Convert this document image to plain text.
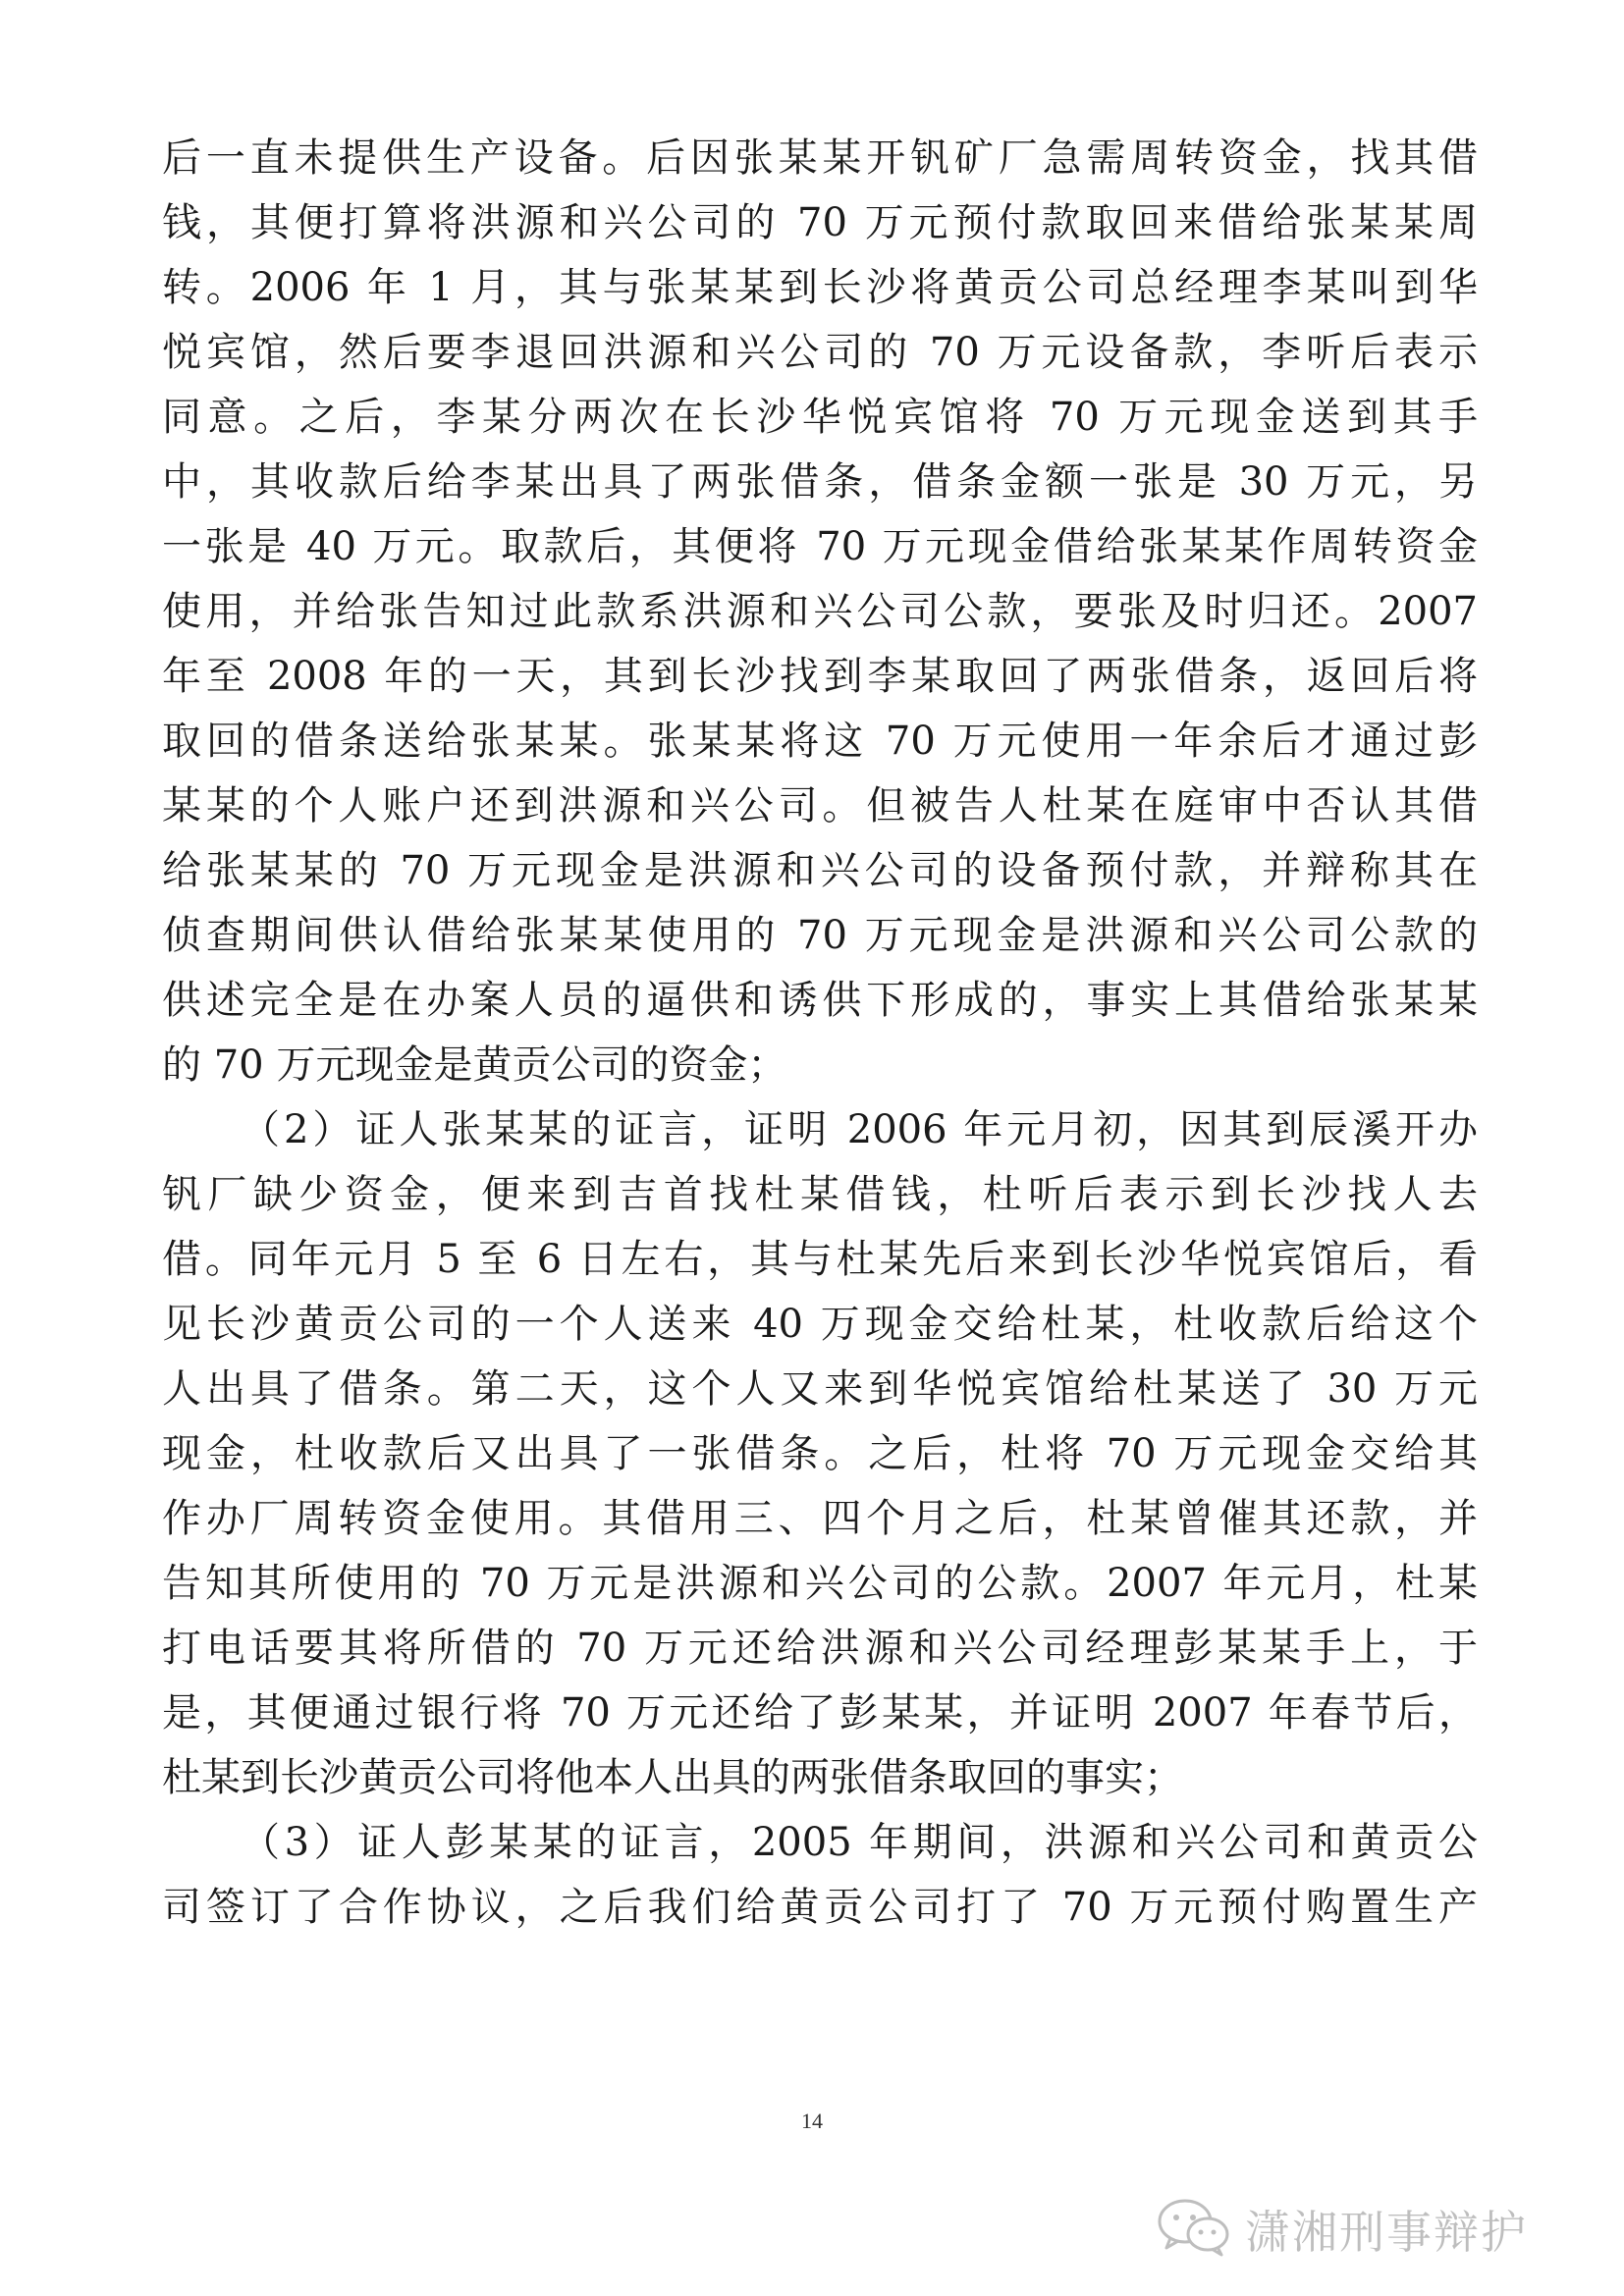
后一直未提供生产设备。后因张某某开钒矿厂急需周转资金，找其借
钱，其便打算将洪源和兴公司的 70 万元预付款取回来借给张某某周
转。2006 年 1 月，其与张某某到长沙将黄贡公司总经理李某叫到华
悦宾馆，然后要李退回洪源和兴公司的 70 万元设备款，李听后表示
同意。之后，李某分两次在长沙华悦宾馆将 70 万元现金送到其手
中，其收款后给李某出具了两张借条，借条金额一张是 30 万元，另
一张是 40 万元。取款后，其便将 70 万元现金借给张某某作周转资金
使用，并给张告知过此款系洪源和兴公司公款，要张及时归还。2007
年至 2008 年的一天，其到长沙找到李某取回了两张借条，返回后将
取回的借条送给张某某。张某某将这 70 万元使用一年余后才通过彭
某某的个人账户还到洪源和兴公司。但被告人杜某在庭审中否认其借
给张某某的 70 万元现金是洪源和兴公司的设备预付款，并辩称其在
侦查期间供认借给张某某使用的 70 万元现金是洪源和兴公司公款的
供述完全是在办案人员的逼供和诱供下形成的，事实上其借给张某某
的 70 万元现金是黄贡公司的资金；
（2）证人张某某的证言，证明 2006 年元月初，因其到辰溪开办
钒厂缺少资金，便来到吉首找杜某借钱，杜听后表示到长沙找人去
借。同年元月 5 至 6 日左右，其与杜某先后来到长沙华悦宾馆后，看
见长沙黄贡公司的一个人送来 40 万现金交给杜某，杜收款后给这个
人出具了借条。第二天，这个人又来到华悦宾馆给杜某送了 30 万元
现金，杜收款后又出具了一张借条。之后，杜将 70 万元现金交给其
作办厂周转资金使用。其借用三、四个月之后，杜某曾催其还款，并
告知其所使用的 70 万元是洪源和兴公司的公款。2007 年元月，杜某
打电话要其将所借的 70 万元还给洪源和兴公司经理彭某某手上，于
是，其便通过银行将 70 万元还给了彭某某，并证明 2007 年春节后，
杜某到长沙黄贡公司将他本人出具的两张借条取回的事实；
（3）证人彭某某的证言，2005 年期间，洪源和兴公司和黄贡公
司签订了合作协议，之后我们给黄贡公司打了 70 万元预付购置生产
14
潇湘刑事辩护
